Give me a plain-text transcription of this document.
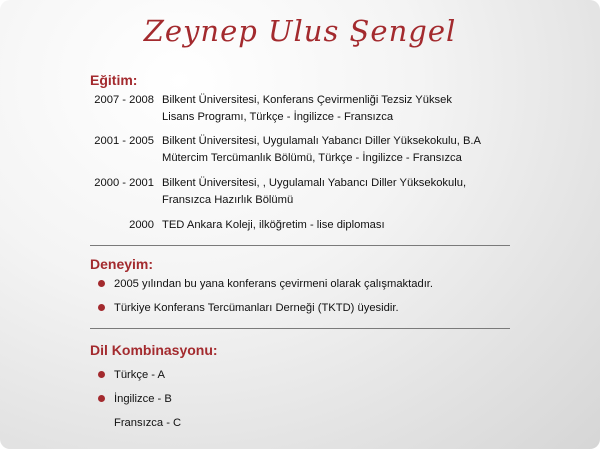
Zeynep Ulus Şengel
Eğitim:
2007 - 2008 Bilkent Üniversitesi, Konferans Çevirmenliği Tezsiz Yüksek
Lisans Programı, Türkçe - İngilizce - Fransızca
2001 - 2005 Bilkent Üniversitesi, Uygulamalı Yabancı Diller Yüksekokulu, B.A
Mütercim Tercümanlık Bölümü, Türkçe - İngilizce - Fransızca
2000 - 2001 Bilkent Üniversitesi, , Uygulamalı Yabancı Diller Yüksekokulu,
Fransızca Hazırlık Bölümü
2000 TED Ankara Koleji, ilköğretim - lise diploması
Deneyim:
2005 yılından bu yana konferans çevirmeni olarak çalışmaktadır.
Türkiye Konferans Tercümanları Derneği (TKTD) üyesidir.
Dil Kombinasyonu:
Türkçe - A
İngilizce - B
Fransızca - C
